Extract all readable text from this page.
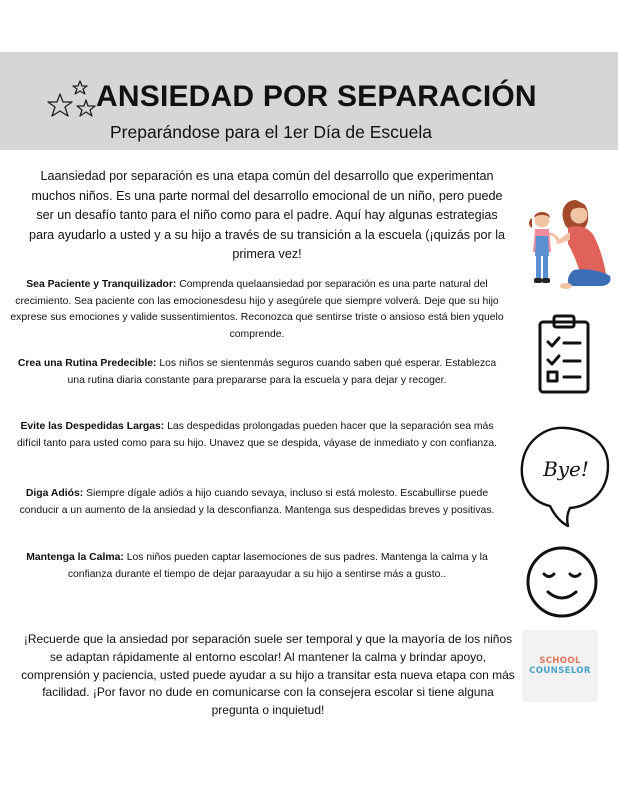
ANSIEDAD POR SEPARACIÓN
Preparándose para el 1er Día de Escuela

Laansiedad por separación es una etapa común del desarrollo que experimentan muchos niños. Es una parte normal del desarrollo emocional de un niño, pero puede ser un desafío tanto para el niño como para el padre. Aquí hay algunas estrategias para ayudarlo a usted y a su hijo a través de su transición a la escuela (¡quizás por la primera vez!

Sea Paciente y Tranquilizador: Comprenda quelaansiedad por separación es una parte natural del crecimiento. Sea paciente con las emocionesdesu hijo y asegúrele que siempre volverá. Deje que su hijo exprese sus emociones y valide sussentimientos. Reconozca que sentirse triste o ansioso está bien yquelo comprende.

Crea una Rutina Predecible: Los niños se sientenmás seguros cuando saben qué esperar. Establezca una rutina diaria constante para prepararse para la escuela y para dejar y recoger.

Evite las Despedidas Largas: Las despedidas prolongadas pueden hacer que la separación sea más difícil tanto para usted como para su hijo. Unavez que se despida, váyase de inmediato y con confianza.

Diga Adiós: Siempre dígale adiós a hijo cuando sevaya, incluso si está molesto. Escabullirse puede conducir a un aumento de la ansiedad y la desconfianza. Mantenga sus despedidas breves y positivas.

Mantenga la Calma: Los niños pueden captar lasemociones de sus padres. Mantenga la calma y la confianza durante el tiempo de dejar paraayudar a su hijo a sentirse más a gusto..

¡Recuerde que la ansiedad por separación suele ser temporal y que la mayoría de los niños se adaptan rápidamente al entorno escolar! Al mantener la calma y brindar apoyo, comprensión y paciencia, usted puede ayudar a su hijo a transitar esta nueva etapa con más facilidad. ¡Por favor no dude en comunicarse con la consejera escolar si tiene alguna pregunta o inquietud!

Bye!
SCHOOL
COUNSELOR
